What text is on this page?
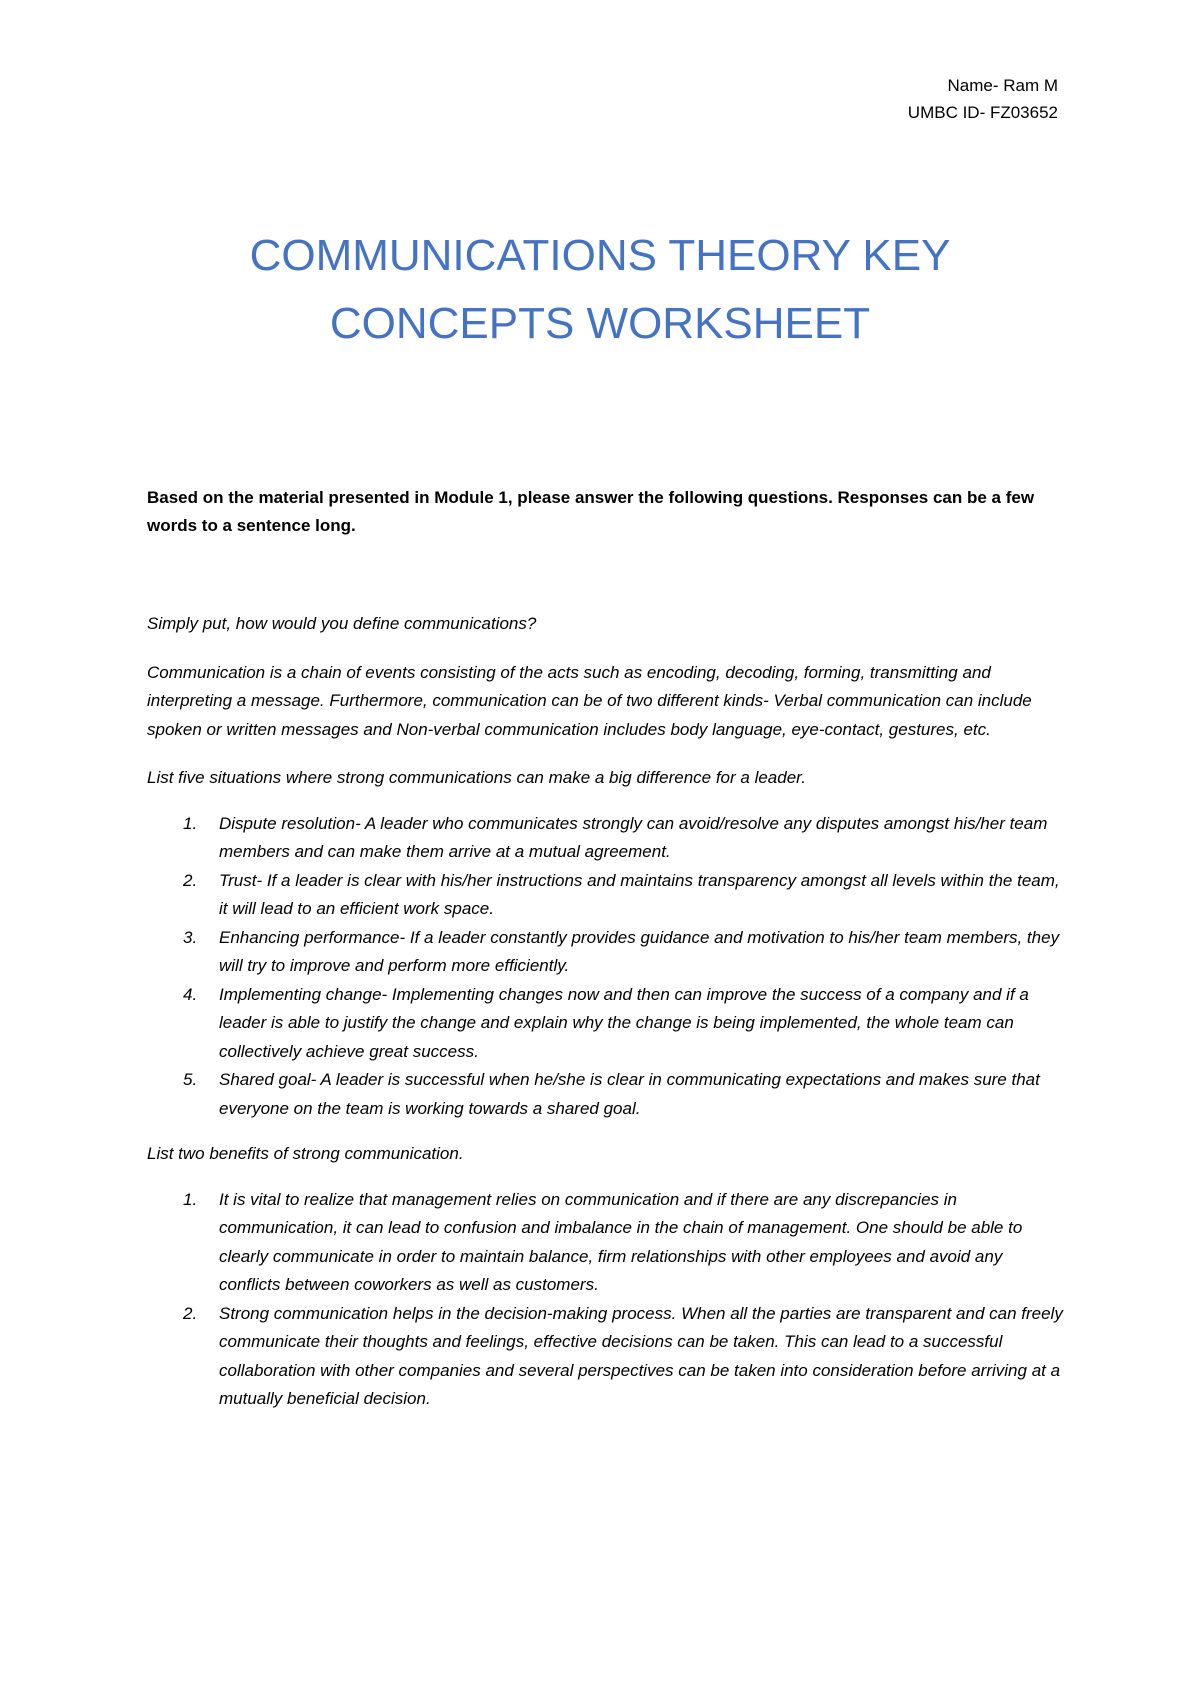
Name- Ram M
UMBC ID- FZ03652
COMMUNICATIONS THEORY KEY
CONCEPTS WORKSHEET
Based on the material presented in Module 1, please answer the following questions. Responses can be a few words to a sentence long.

Simply put, how would you define communications?

Communication is a chain of events consisting of the acts such as encoding, decoding, forming, transmitting and interpreting a message. Furthermore, communication can be of two different kinds- Verbal communication can include spoken or written messages and Non-verbal communication includes body language, eye-contact, gestures, etc.

List five situations where strong communications can make a big difference for a leader.

1. Dispute resolution- A leader who communicates strongly can avoid/resolve any disputes amongst his/her team members and can make them arrive at a mutual agreement.
2. Trust- If a leader is clear with his/her instructions and maintains transparency amongst all levels within the team, it will lead to an efficient work space.
3. Enhancing performance- If a leader constantly provides guidance and motivation to his/her team members, they will try to improve and perform more efficiently.
4. Implementing change- Implementing changes now and then can improve the success of a company and if a leader is able to justify the change and explain why the change is being implemented, the whole team can collectively achieve great success.
5. Shared goal- A leader is successful when he/she is clear in communicating expectations and makes sure that everyone on the team is working towards a shared goal.

List two benefits of strong communication.

1. It is vital to realize that management relies on communication and if there are any discrepancies in communication, it can lead to confusion and imbalance in the chain of management. One should be able to clearly communicate in order to maintain balance, firm relationships with other employees and avoid any conflicts between coworkers as well as customers.
2. Strong communication helps in the decision-making process. When all the parties are transparent and can freely communicate their thoughts and feelings, effective decisions can be taken. This can lead to a successful collaboration with other companies and several perspectives can be taken into consideration before arriving at a mutually beneficial decision.
